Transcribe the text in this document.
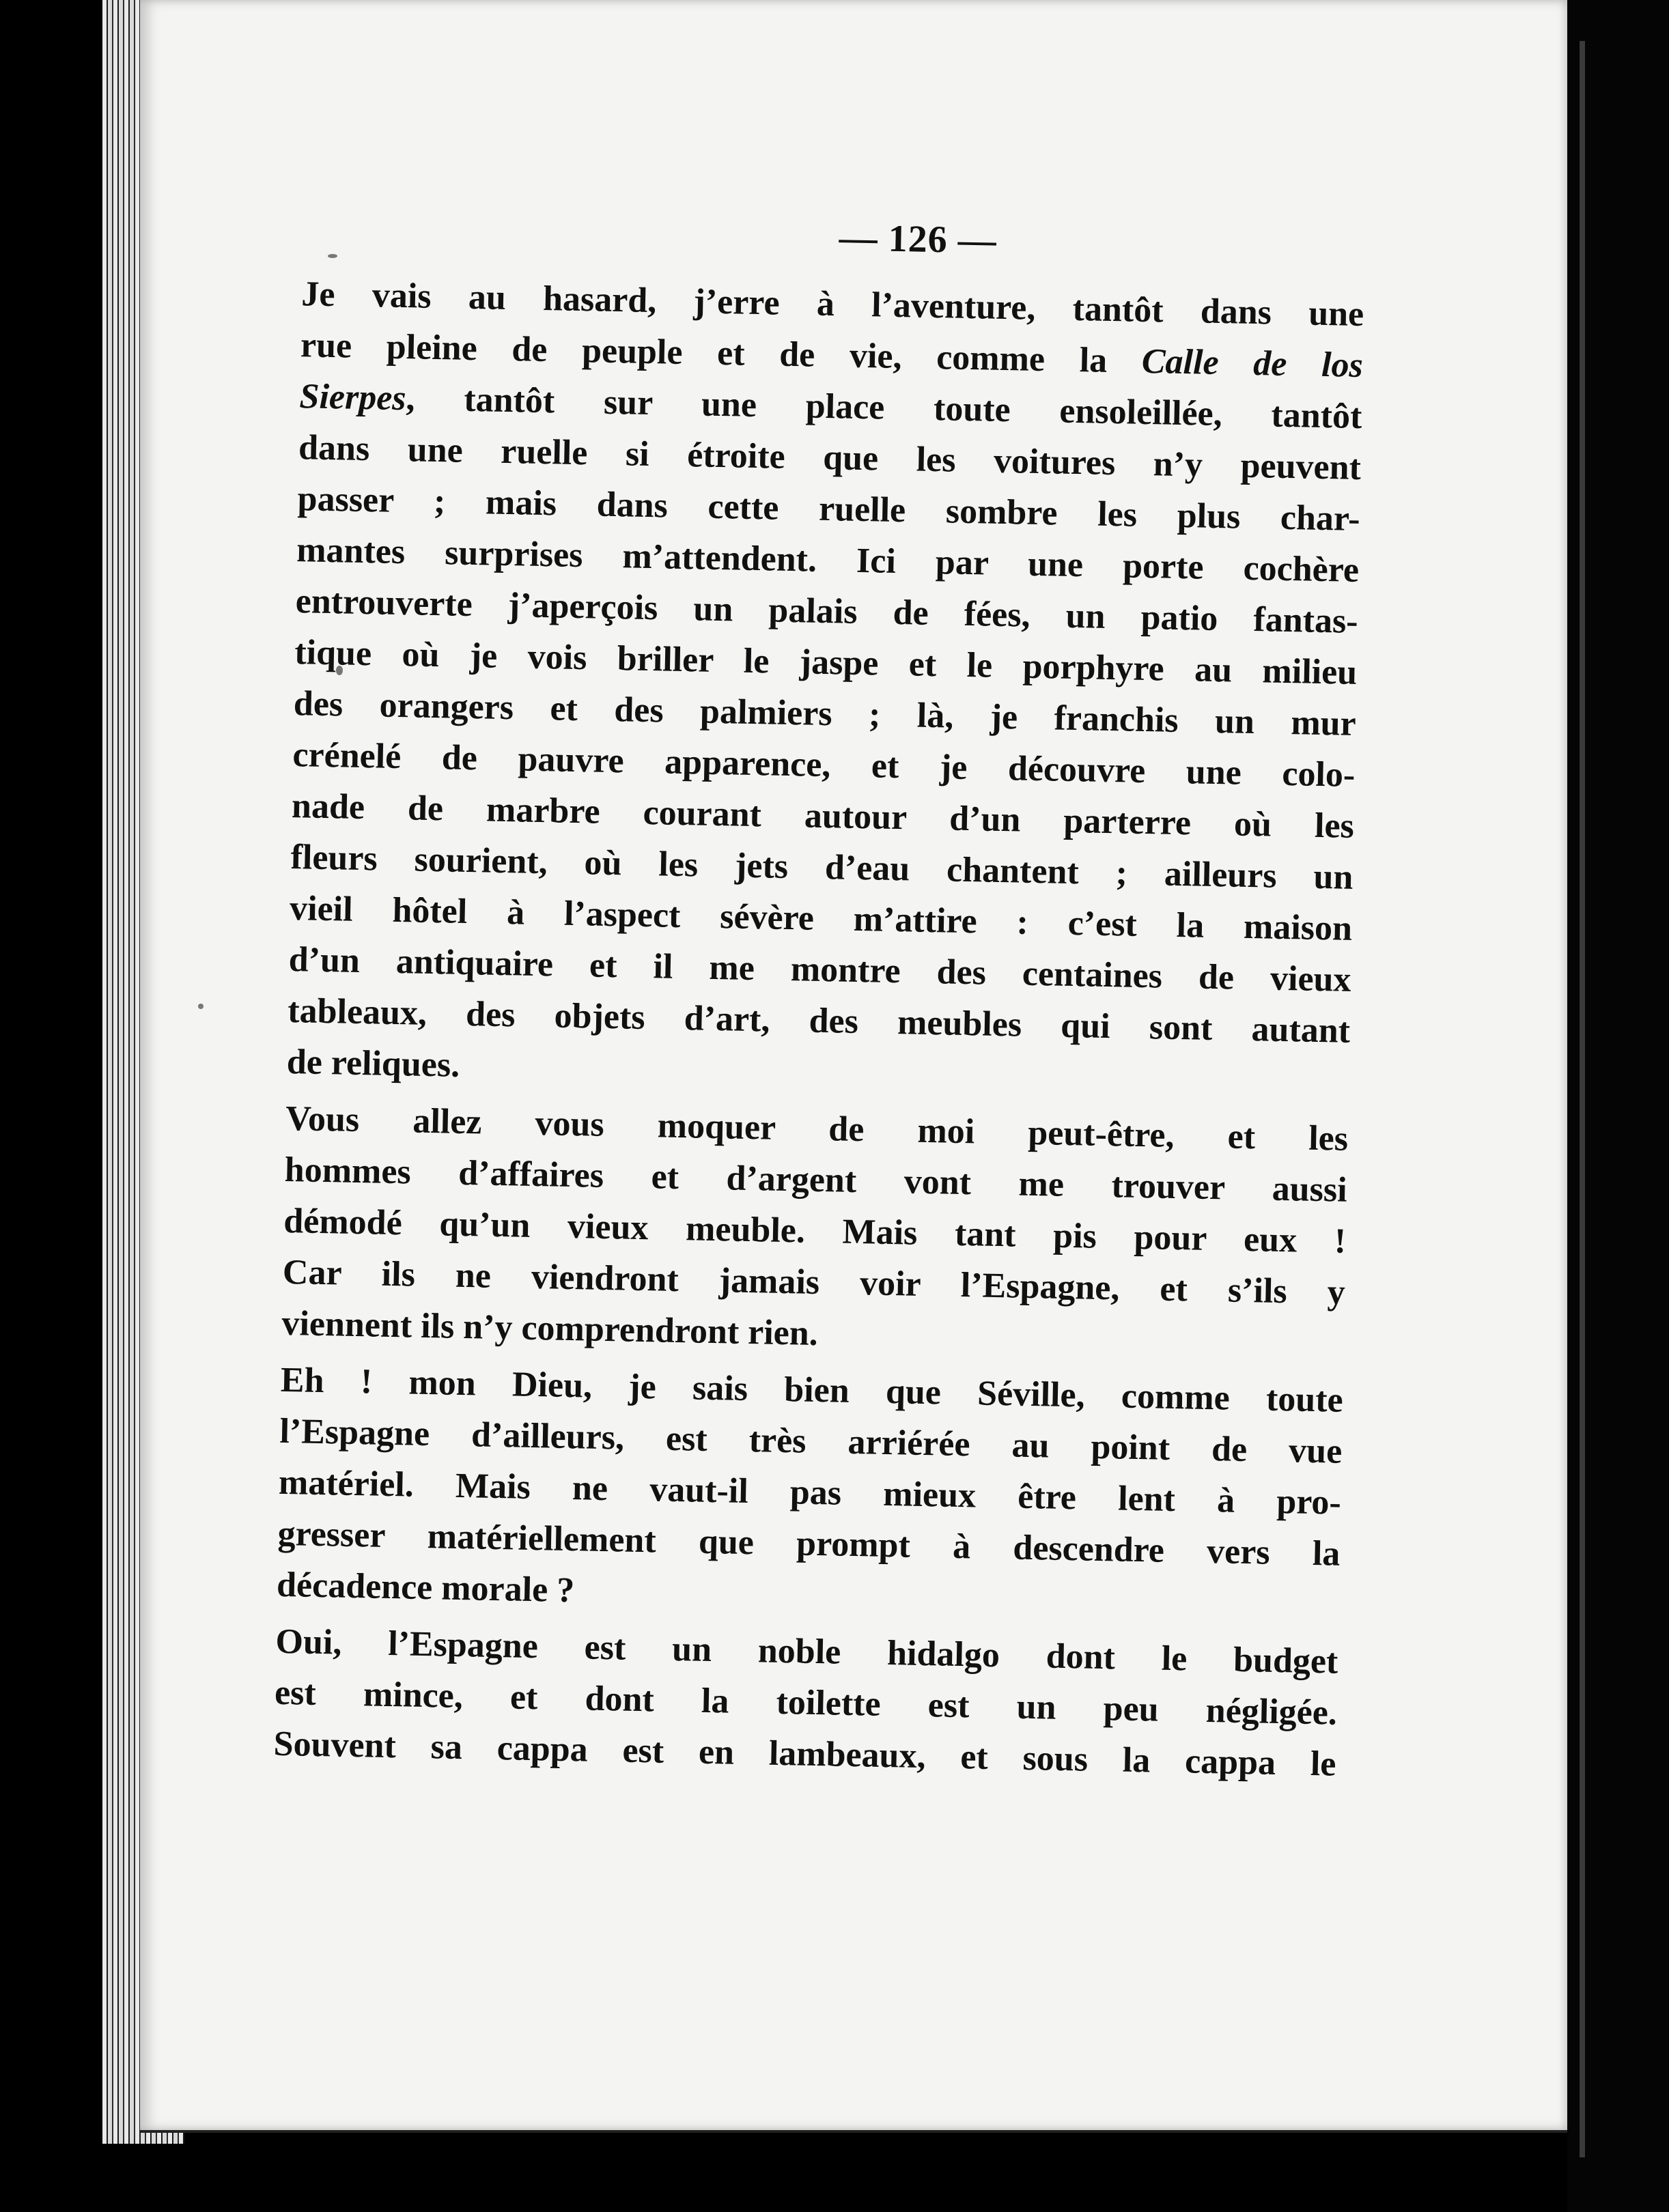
— 126 —

Je vais au hasard, j’erre à l’aventure, tantôt dans une
rue pleine de peuple et de vie, comme la Calle de los
Sierpes, tantôt sur une place toute ensoleillée, tantôt
dans une ruelle si étroite que les voitures n’y peuvent
passer ; mais dans cette ruelle sombre les plus char-
mantes surprises m’attendent. Ici par une porte cochère
entrouverte j’aperçois un palais de fées, un patio fantas-
tique où je vois briller le jaspe et le porphyre au milieu
des orangers et des palmiers ; là, je franchis un mur
crénelé de pauvre apparence, et je découvre une colo-
nade de marbre courant autour d’un parterre où les
fleurs sourient, où les jets d’eau chantent ; ailleurs un
vieil hôtel à l’aspect sévère m’attire : c’est la maison
d’un antiquaire et il me montre des centaines de vieux
tableaux, des objets d’art, des meubles qui sont autant
de reliques.

Vous allez vous moquer de moi peut-être, et les
hommes d’affaires et d’argent vont me trouver aussi
démodé qu’un vieux meuble. Mais tant pis pour eux !
Car ils ne viendront jamais voir l’Espagne, et s’ils y
viennent ils n’y comprendront rien.

Eh ! mon Dieu, je sais bien que Séville, comme toute
l’Espagne d’ailleurs, est très arriérée au point de vue
matériel. Mais ne vaut-il pas mieux être lent à pro-
gresser matériellement que prompt à descendre vers la
décadence morale ?

Oui, l’Espagne est un noble hidalgo dont le budget
est mince, et dont la toilette est un peu négligée.
Souvent sa cappa est en lambeaux, et sous la cappa le
